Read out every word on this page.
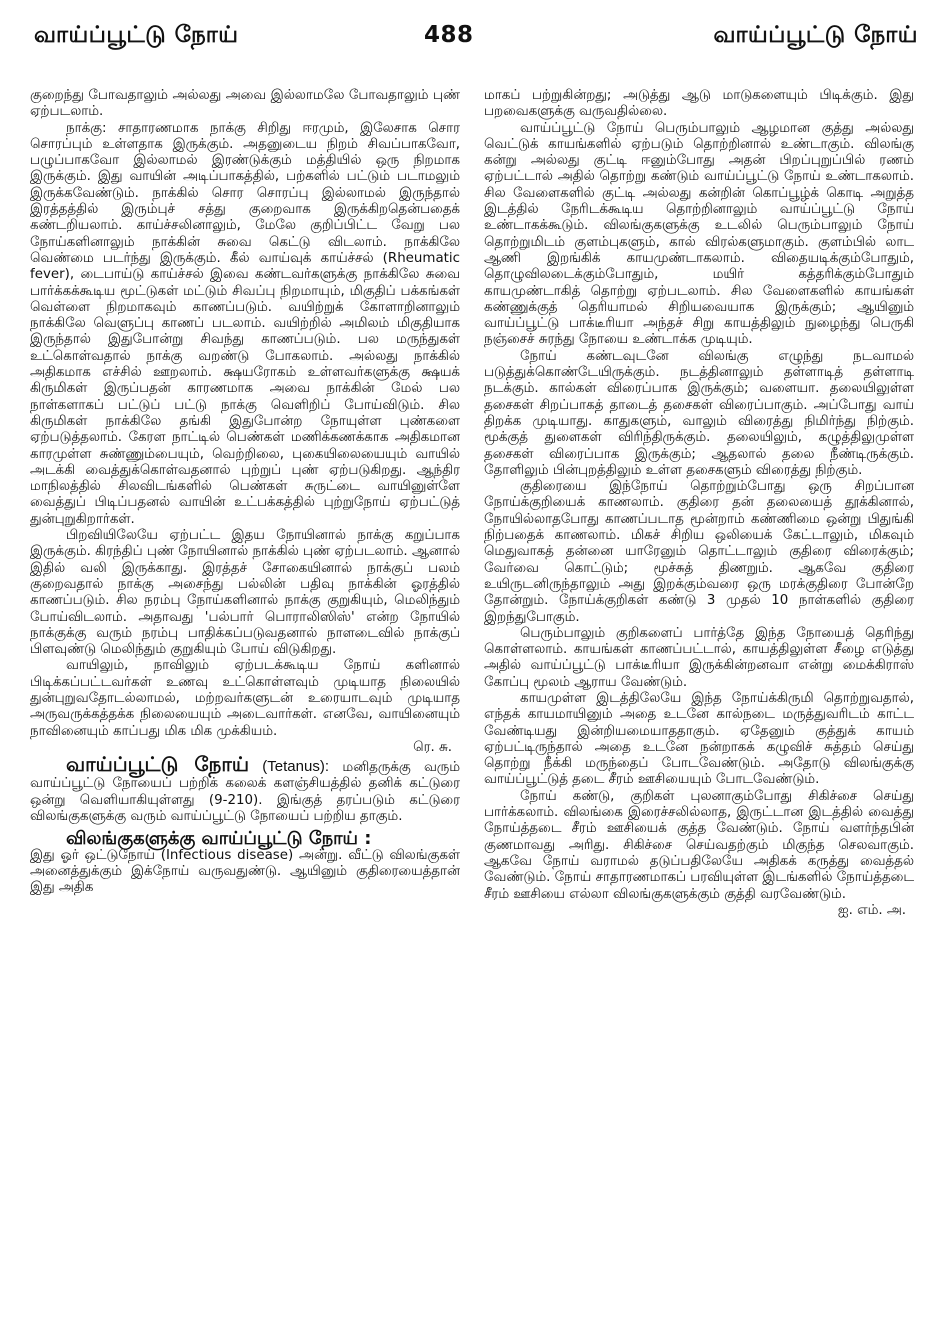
வாய்ப்பூட்டு நோய்	488	வாய்ப்பூட்டு நோய்

குறைந்து போவதாலும் அல்லது அவை இல்லாமலே போவதாலும் புண் ஏற்படலாம்.

நாக்கு: சாதாரணமாக நாக்கு சிறிது ஈரமும், இலேசாக சொர சொரப்பும் உள்ளதாக இருக்கும். அதனுடைய நிறம் சிவப்பாகவோ, பழுப்பாகவோ இல்லாமல் இரண்டுக்கும் மத்தியில் ஒரு நிறமாக இருக்கும். இது வாயின் அடிப்பாகத்தில், பற்களில் பட்டும் படாமலும் இருக்கவேண்டும். நாக்கில் சொர சொரப்பு இல்லாமல் இருந்தால் இரத்தத்தில் இரும்புச் சத்து குறைவாக இருக்கிறதென்பதைக் கண்டறியலாம். காய்ச்சலினாலும், மேலே குறிப்பிட்ட வேறு பல நோய்களினாலும் நாக்கின் சுவை கெட்டு விடலாம். நாக்கிலே வெண்மை படர்ந்து இருக்கும். கீல் வாய்வுக் காய்ச்சல் (Rheumatic fever), டைபாய்டு காய்ச்சல் இவை கண்டவர்களுக்கு நாக்கிலே சுவை பார்க்கக்கூடிய மூட்டுகள் மட்டும் சிவப்பு நிறமாயும், மிகுதிப் பக்கங்கள் வெள்ளை நிறமாகவும் காணப்படும். வயிற்றுக் கோளாறினாலும் நாக்கிலே வெளுப்பு காணப் படலாம். வயிற்றில் அமிலம் மிகுதியாக இருந்தால் இதுபோன்று சிவந்து காணப்படும். பல மருந்துகள் உட்கொள்வதால் நாக்கு வறண்டு போகலாம். அல்லது நாக்கில் அதிகமாக எச்சில் ஊறலாம். க்ஷயரோகம் உள்ளவர்களுக்கு க்ஷயக் கிருமிகள் இருப்பதன் காரணமாக அவை நாக்கின் மேல் பல நாள்களாகப் பட்டுப் பட்டு நாக்கு வெளிறிப் போய்விடும். சில கிருமிகள் நாக்கிலே தங்கி இதுபோன்ற நோயுள்ள புண்களை ஏற்படுத்தலாம். கேரள நாட்டில் பெண்கள் மணிக்கணக்காக அதிகமான காரமுள்ள சுண்ணும்பையும், வெற்றிலை, புகையிலையையும் வாயில் அடக்கி வைத்துக்கொள்வதனால் புற்றுப் புண் ஏற்படுகிறது. ஆந்திர மாநிலத்தில் சிலவிடங்களில் பெண்கள் சுருட்டை வாயினுள்ளே வைத்துப் பிடிப்பதனல் வாயின் உட்பக்கத்தில் புற்றுநோய் ஏற்பட்டுத் துன்புறுகிறார்கள்.

பிறவியிலேயே ஏற்பட்ட இதய நோயினால் நாக்கு கறுப்பாக இருக்கும். கிரந்திப் புண் நோயினால் நாக்கில் புண் ஏற்படலாம். ஆனால் இதில் வலி இருக்காது. இரத்தச் சோகையினால் நாக்குப் பலம் குறைவதால் நாக்கு அசைந்து பல்லின் பதிவு நாக்கின் ஓரத்தில் காணப்படும். சில நரம்பு நோய்களினால் நாக்கு குறுகியும், மெலிந்தும் போய்விடலாம். அதாவது 'பல்பார் பொராலிஸிஸ்' என்ற நோயில் நாக்குக்கு வரும் நரம்பு பாதிக்கப்படுவதனால் நாளடைவில் நாக்குப் பிளவுண்டு மெலிந்தும் குறுகியும் போய் விடுகிறது.

வாயிலும், நாவிலும் ஏற்படக்கூடிய நோய் களினால் பிடிக்கப்பட்டவர்கள் உணவு உட்கொள்ளவும் முடியாத நிலையில் துன்புறுவதோடல்லாமல், மற்றவர்களுடன் உரையாடவும் முடியாத அருவருக்கத்தக்க நிலையையும் அடைவார்கள். எனவே, வாயினையும் நாவினையும் காப்பது மிக மிக முக்கியம்.

ரெ. சு.

வாய்ப்பூட்டு நோய் (Tetanus): மனிதருக்கு வரும் வாய்ப்பூட்டு நோயைப் பற்றிக் கலைக் களஞ்சியத்தில் தனிக் கட்டுரை ஒன்று வெளியாகியுள்ளது (9-210). இங்குத் தரப்படும் கட்டுரை விலங்குகளுக்கு வரும் வாய்ப்பூட்டு நோயைப் பற்றிய தாகும்.

விலங்குகளுக்கு வாய்ப்பூட்டு நோய் :

இது ஓர் ஒட்டுநோய் (Infectious disease) அன்று. வீட்டு விலங்குகள் அனைத்துக்கும் இக்நோய் வருவதுண்டு. ஆயினும் குதிரையைத்தான் இது அதிக

மாகப் பற்றுகின்றது; அடுத்து ஆடு மாடுகளையும் பிடிக்கும். இது பறவைகளுக்கு வருவதில்லை.

வாய்ப்பூட்டு நோய் பெரும்பாலும் ஆழமான குத்து அல்லது வெட்டுக் காயங்களில் ஏற்படும் தொற்றினால் உண்டாகும். விலங்கு கன்று அல்லது குட்டி ஈனும்போது அதன் பிறப்புறுப்பில் ரணம் ஏற்பட்டால் அதில் தொற்று கண்டும் வாய்ப்பூட்டு நோய் உண்டாகலாம். சில வேளைகளில் குட்டி அல்லது கன்றின் கொப்பூழ்க் கொடி அறுத்த இடத்தில் நேரிடக்கூடிய தொற்றினாலும் வாய்ப்பூட்டு நோய் உண்டாகக்கூடும். விலங்குகளுக்கு உடலில் பெரும்பாலும் நோய் தொற்றுமிடம் குளம்புகளும், கால் விரல்களுமாகும். குளம்பில் லாட ஆணி இறங்கிக் காயமுண்டாகலாம். விதையடிக்கும்போதும், தொழுவிலடைக்கும்போதும், மயிர் கத்தரிக்கும்போதும் காயமுண்டாகித் தொற்று ஏற்படலாம். சில வேளைகளில் காயங்கள் கண்ணுக்குத் தெரியாமல் சிறியவையாக இருக்கும்; ஆயினும் வாய்ப்பூட்டு பாக்டீரியா அந்தச் சிறு காயத்திலும் நுழைந்து பெருகி நஞ்சைச் சுரந்து நோயை உண்டாக்க முடியும்.

நோய் கண்டவுடனே விலங்கு எழுந்து நடவாமல் படுத்துக்கொண்டேயிருக்கும். நடத்தினாலும் தள்ளாடித் தள்ளாடி நடக்கும். கால்கள் விரைப்பாக இருக்கும்; வளையா. தலையிலுள்ள தசைகள் சிறப்பாகத் தாடைத் தசைகள் விரைப்பாகும். அப்போது வாய் திறக்க முடியாது. காதுகளும், வாலும் விரைத்து நிமிர்ந்து நிற்கும். மூக்குத் துளைகள் விரிந்திருக்கும். தலையிலும், கழுத்திலுமுள்ள தசைகள் விரைப்பாக இருக்கும்; ஆதலால் தலை நீண்டிருக்கும். தோளிலும் பின்புறத்திலும் உள்ள தசைகளும் விரைத்து நிற்கும்.

குதிரையை இந்நோய் தொற்றும்போது ஒரு சிறப்பான நோய்க்குறியைக் காணலாம். குதிரை தன் தலையைத் தூக்கினால், நோயில்லாதபோது காணப்படாத மூன்றாம் கண்ணிமை ஒன்று பிதுங்கி நிற்பதைக் காணலாம். மிகச் சிறிய ஒலியைக் கேட்டாலும், மிகவும் மெதுவாகத் தன்னை யாரேனும் தொட்டாலும் குதிரை விரைக்கும்; வேர்வை கொட்டும்; மூச்சுத் திணறும். ஆகவே குதிரை உயிருடனிருந்தாலும் அது இறக்கும்வரை ஒரு மரக்குதிரை போன்றே தோன்றும். நோய்க்குறிகள் கண்டு 3 முதல் 10 நாள்களில் குதிரை இறந்துபோகும்.

பெரும்பாலும் குறிகளைப் பார்த்தே இந்த நோயைத் தெரிந்து கொள்ளலாம். காயங்கள் காணப்பட்டால், காயத்திலுள்ள சீழை எடுத்து அதில் வாய்ப்பூட்டு பாக்டீரியா இருக்கின்றனவா என்று மைக்கிராஸ் கோப்பு மூலம் ஆராய வேண்டும்.

காயமுள்ள இடத்திலேயே இந்த நோய்க்கிருமி தொற்றுவதால், எந்தக் காயமாயினும் அதை உடனே கால்நடை மருத்துவரிடம் காட்ட வேண்டியது இன்றியமையாததாகும். ஏதேனும் குத்துக் காயம் ஏற்பட்டிருந்தால் அதை உடனே நன்றாகக் கழுவிச் சுத்தம் செய்து தொற்று நீக்கி மருந்தைப் போடவேண்டும். அதோடு விலங்குக்கு வாய்ப்பூட்டுத் தடை சீரம் ஊசியையும் போடவேண்டும்.

நோய் கண்டு, குறிகள் புலனாகும்போது சிகிச்சை செய்து பார்க்கலாம். விலங்கை இரைச்சலில்லாத, இருட்டான இடத்தில் வைத்து நோய்த்தடை சீரம் ஊசியைக் குத்த வேண்டும். நோய் வளர்ந்தபின் குணமாவது அரிது. சிகிச்சை செய்வதற்கும் மிகுந்த செலவாகும். ஆகவே நோய் வராமல் தடுப்பதிலேயே அதிகக் கருத்து வைத்தல் வேண்டும். நோய் சாதாரணமாகப் பரவியுள்ள இடங்களில் நோய்த்தடை சீரம் ஊசியை எல்லா விலங்குகளுக்கும் குத்தி வரவேண்டும்.

ஐ. எம். அ.
